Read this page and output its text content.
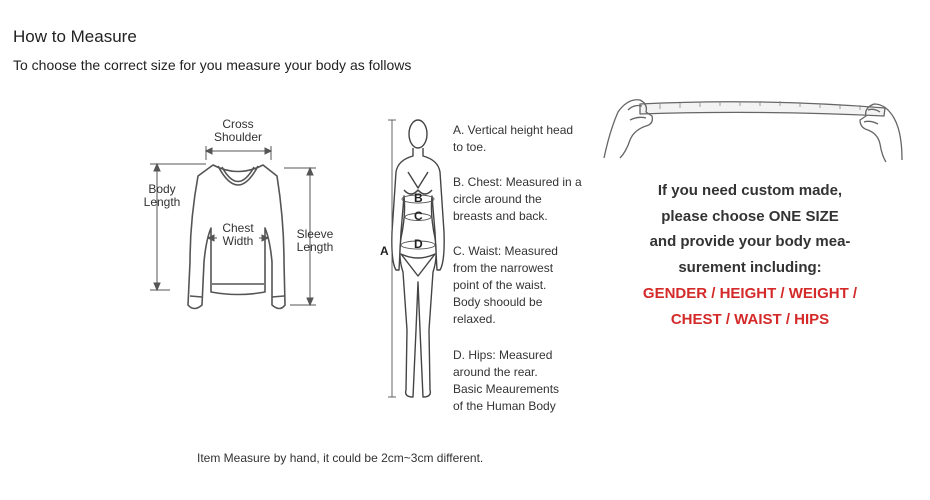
How to Measure
To choose the correct size for you measure your body as follows
Cross
Shoulder
Body
Length
Chest
Width	Sleeve
Length	A
B
C
D
A. Vertical height head
to toe.
B. Chest: Measured in a
circle around the
breasts and back.
C. Waist: Measured
from the narrowest
point of the waist.
Body shoould be
relaxed.
D. Hips: Measured
around the rear.
Basic Meaurements
of the Human Body
If you need custom made,
please choose ONE SIZE
and provide your body mea-
surement including:
GENDER / HEIGHT / WEIGHT /
CHEST / WAIST / HIPS
Item Measure by hand, it could be 2cm~3cm different.
